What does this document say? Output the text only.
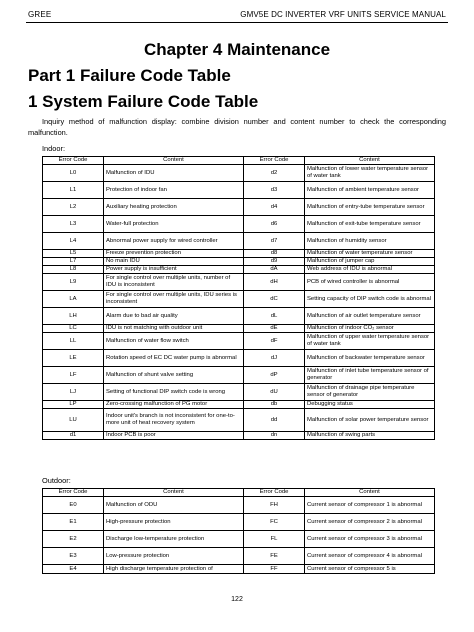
GREE	GMV5E DC INVERTER VRF UNITS SERVICE MANUAL
Chapter 4 Maintenance
Part 1 Failure Code Table
1 System Failure Code Table
Inquiry method of malfunction display: combine division number and content number to check the corresponding malfunction.
Indoor:
Error Code	Content	Error Code	Content
L0	Malfunction of IDU	d2	Malfunction of lower water temperature sensor of water tank
L1	Protection of indoor fan	d3	Malfunction of ambient temperature sensor
L2	Auxiliary heating protection	d4	Malfunction of entry-tube temperature sensor
L3	Water-full protection	d6	Malfunction of exit-tube temperature sensor
L4	Abnormal power supply for wired controller	d7	Malfunction of humidity sensor
L5	Freeze prevention protection	d8	Malfunction of water temperature sensor
L7	No main IDU	d9	Malfunction of jumper cap
L8	Power supply is insufficient	dA	Web address of IDU is abnormal
L9	For single control over multiple units, number of IDU is inconsistent	dH	PCB of wired controller is abnormal
LA	For single control over multiple units, IDU series is inconsistent	dC	Setting capacity of DIP switch code is abnormal
LH	Alarm due to bad air quality	dL	Malfunction of air outlet temperature sensor
LC	IDU is not matching with outdoor unit	dE	Malfunction of indoor CO₂ sensor
LL	Malfunction of water flow switch	dF	Malfunction of upper water temperature sensor of water tank
LE	Rotation speed of EC DC water pump is abnormal	dJ	Malfunction of backwater temperature sensor
LF	Malfunction of shunt valve setting	dP	Malfunction of inlet tube temperature sensor of generator
LJ	Setting of functional DIP switch code is wrong	dU	Malfunction of drainage pipe temperature sensor of generator
LP	Zero-crossing malfunction of PG motor	db	Debugging status
LU	Indoor unit's branch is not inconsistent for one-to-more unit of heat recovery system	dd	Malfunction of solar power temperature sensor
d1	Indoor PCB is poor	dn	Malfunction of swing parts
Outdoor:
Error Code	Content	Error Code	Content
E0	Malfunction of ODU	FH	Current sensor of compressor 1 is abnormal
E1	High-pressure protection	FC	Current sensor of compressor 2 is abnormal
E2	Discharge low-temperature protection	FL	Current sensor of compressor 3 is abnormal
E3	Low-pressure protection	FE	Current sensor of compressor 4 is abnormal
E4	High discharge temperature protection of	FF	Current sensor of compressor 5 is
122
